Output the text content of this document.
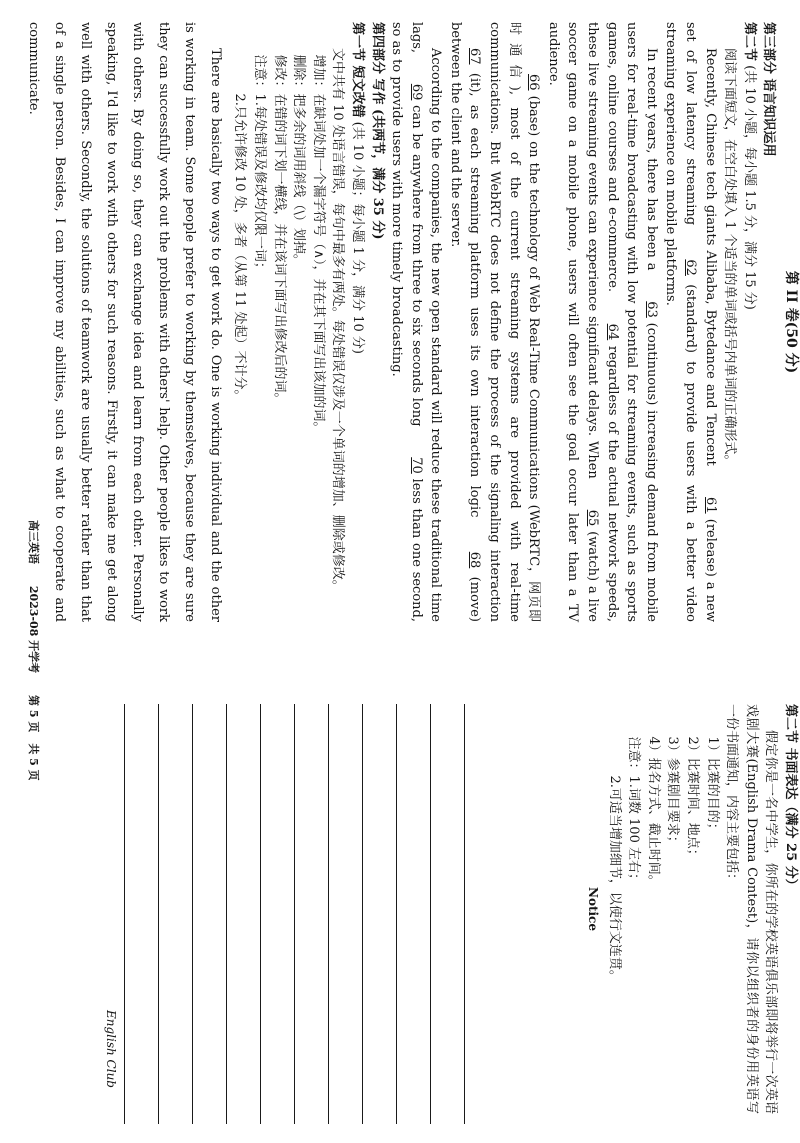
第 II 卷(50 分)
第三部分 语言知识运用
第二节 (共 10 小题，每小题 1.5 分，满分 15 分)
阅读下面短文，在空白处填入 1 个适当的单词或括号内单词的正确形式。
Recently, Chinese tech giants Alibaba, Bytedance and Tencent 61 (release) a new set of low latency streaming 62 (standard) to provide users with a better video streaming experience on mobile platforms.
In recent years, there has been a 63 (continuous) increasing demand from mobile users for real-time broadcasting with low potential for streaming events, such as sports games, online courses and e-commerce. 64 regardless of the actual network speeds, these live streaming events can experience significant delays. When 65 (watch) a live soccer game on a mobile phone, users will often see the goal occur later than a TV audience.
66 (base) on the technology of Web Real-Time Communications (WebRTC，网页即时通信), most of the current streaming systems are provided with real-time communications. But WebRTC does not define the process of the signaling interaction 67 (it), as each streaming platform uses its own interaction logic 68 (move) between the client and the server.
According to the companies, the new open standard will reduce these traditional time lags, 69 can be anywhere from three to six seconds long 70 less than one second, so as to provide users with more timely broadcasting.
第四部分 写作 (共两节，满分 35 分)
第一节 短文改错 (共 10 小题；每小题 1 分，满分 10 分)
文中共有 10 处语言错误，每句中最多有两处。每处错误仅涉及一个单词的增加、删除或修改。
增加：在缺词处加一个漏字符号（∧），并在其下面写出该加的词。
删除：把多余的词用斜线（\）划掉。
修改：在错的词下划一横线，并在该词下面写出修改后的词。
注意：1.每处错误及修改均仅限一词；
2.只允许修改 10 处，多者（从第 11 处起）不计分。
There are basically two ways to get work do. One is working individual and the other is working in team. Some people prefer to working by themselves, because they are sure they can successfully work out the problems with others' help. Other people likes to work with others. By doing so, they can exchange idea and learn from each other. Personally speaking, I'd like to work with others for such reasons. Firstly, it can make me get along well with others. Secondly, the solutions of teamwork are usually better rather than that of a single person. Besides, I can improve my abilities, such as what to cooperate and communicate.
第二节 书面表达（满分 25 分）
假定你是一名中学生，你所在的学校英语俱乐部即将举行一次英语戏剧大赛(English Drama Contest)，请你以组织者的身份用英语写一份书面通知，内容主要包括：
1）比赛的目的；
2）比赛时间、地点；
3）参赛剧目要求；
4）报名方式、截止时间。
注意：1.词数 100 左右；
2.可适当增加细节，以使行文连贯。
Notice
English Club
高三英语 2023-08 开学考 第 5 页　共 5 页
